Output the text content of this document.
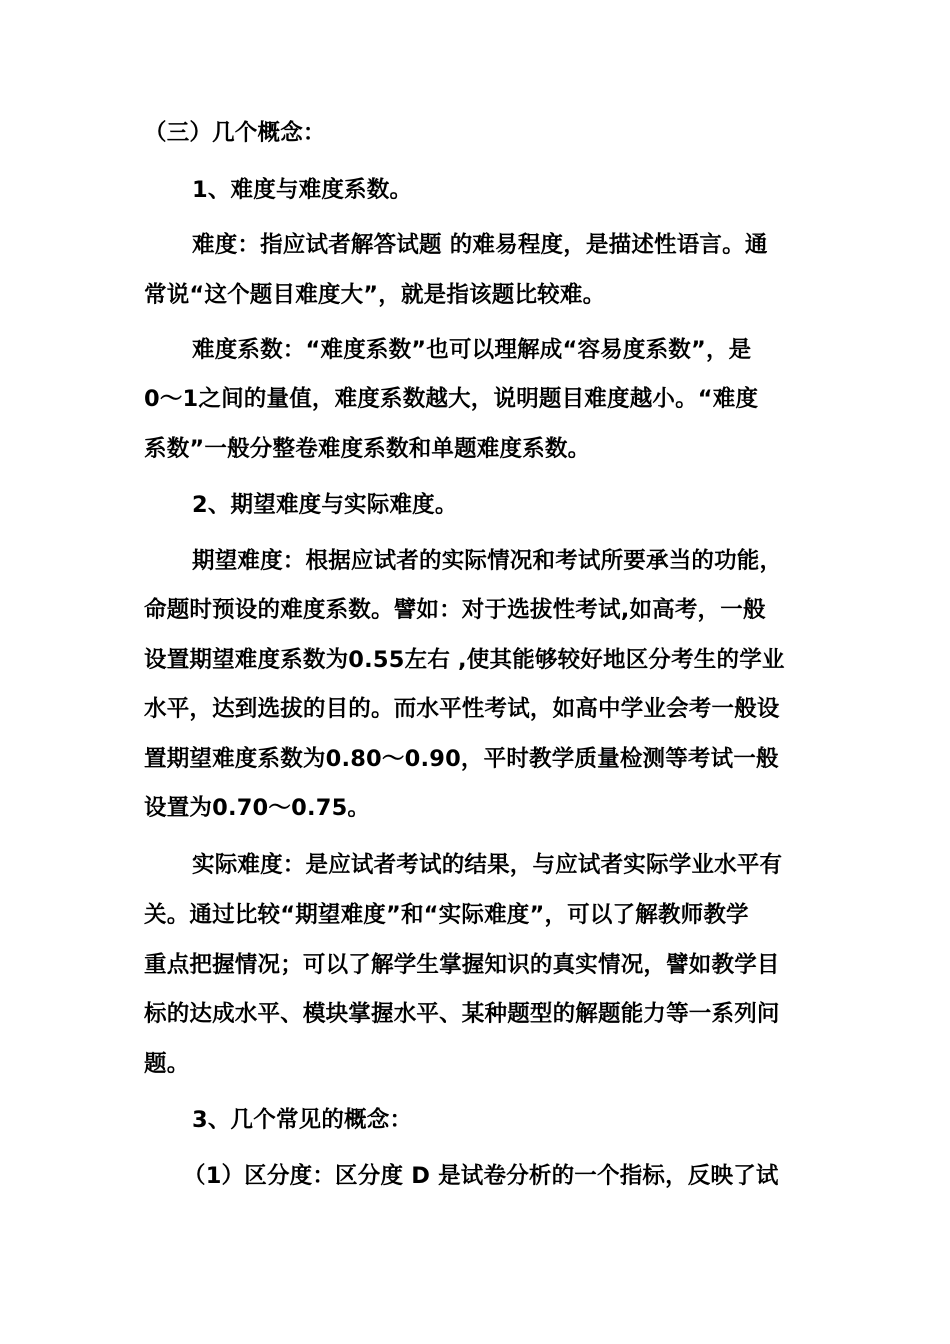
（三）几个概念：
1、难度与难度系数。
难度：指应试者解答试题 的难易程度，是描述性语言。通
常说“这个题目难度大”，就是指该题比较难。
难度系数：“难度系数”也可以理解成“容易度系数”，是
0～1之间的量值，难度系数越大，说明题目难度越小。“难度
系数”一般分整卷难度系数和单题难度系数。
2、期望难度与实际难度。
期望难度：根据应试者的实际情况和考试所要承当的功能，
命题时预设的难度系数。譬如：对于选拔性考试,如高考，一般
设置期望难度系数为0.55左右 ,使其能够较好地区分考生的学业
水平，达到选拔的目的。而水平性考试，如高中学业会考一般设
置期望难度系数为0.80～0.90，平时教学质量检测等考试一般
设置为0.70～0.75。
实际难度：是应试者考试的结果，与应试者实际学业水平有
关。通过比较“期望难度”和“实际难度”，可以了解教师教学
重点把握情况；可以了解学生掌握知识的真实情况，譬如教学目
标的达成水平、模块掌握水平、某种题型的解题能力等一系列问
题。
3、几个常见的概念：
（1）区分度：区分度 D 是试卷分析的一个指标，反映了试
